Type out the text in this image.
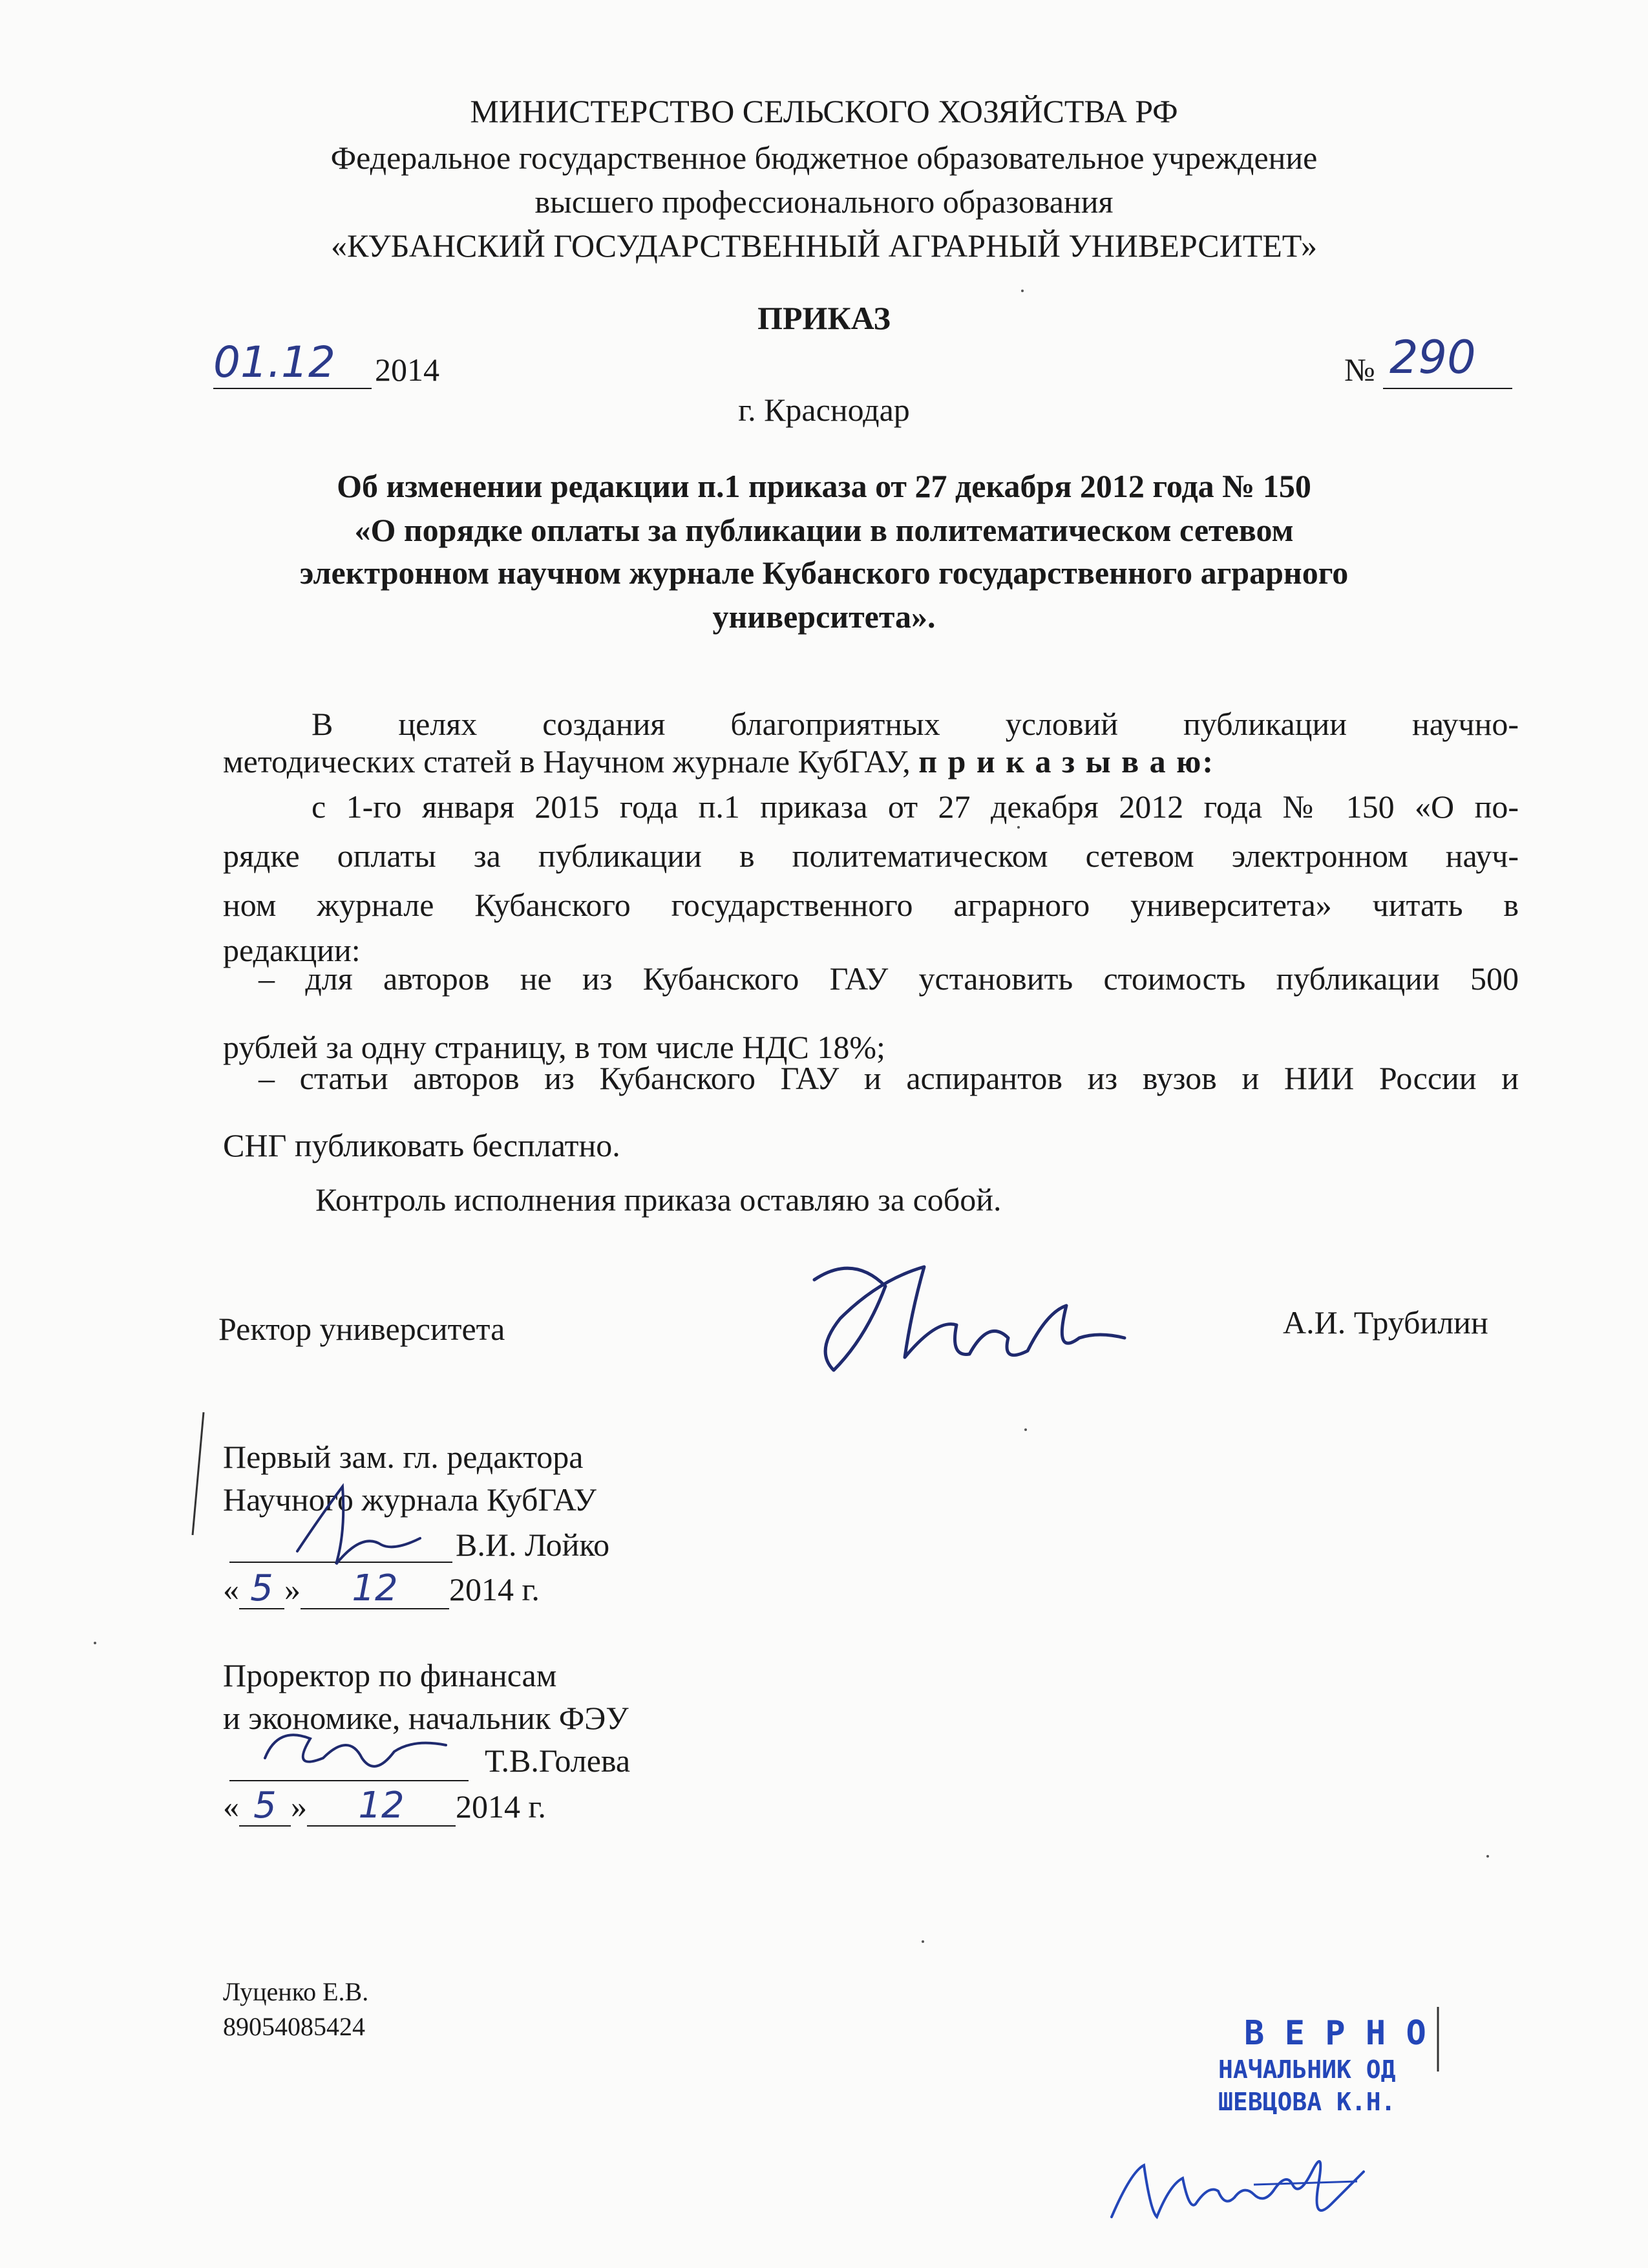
МИНИСТЕРСТВО СЕЛЬСКОГО ХОЗЯЙСТВА РФ
Федеральное государственное бюджетное образовательное учреждение
высшего профессионального образования
«КУБАНСКИЙ ГОСУДАРСТВЕННЫЙ АГРАРНЫЙ УНИВЕРСИТЕТ»
ПРИКАЗ
01.12 2014	№ 290
г. Краснодар
Об изменении редакции п.1 приказа от 27 декабря 2012 года № 150
«О порядке оплаты за публикации в политематическом сетевом
электронном научном журнале Кубанского государственного аграрного
университета».
В целях создания благоприятных условий публикации научно-
методических статей в Научном журнале КубГАУ, п р и к а з ы в а ю:
с 1-го января 2015 года п.1 приказа от 27 декабря 2012 года № 150 «О по-
рядке оплаты за публикации в политематическом сетевом электронном науч-
ном журнале Кубанского государственного аграрного университета» читать в
редакции:
– для авторов не из Кубанского ГАУ установить стоимость публикации 500
рублей за одну страницу, в том числе НДС 18%;
– статьи авторов из Кубанского ГАУ и аспирантов из вузов и НИИ России и
СНГ публиковать бесплатно.
Контроль исполнения приказа оставляю за собой.
Ректор университета	А.И. Трубилин
Первый зам. гл. редактора
Научного журнала КубГАУ
В.И. Лойко
« 5 » 12 2014 г.
Проректор по финансам
и экономике, начальник ФЭУ
Т.В.Голева
« 5 » 12 2014 г.
Луценко Е.В.
89054085424	В Е Р Н О
НАЧАЛЬНИК ОД
ШЕВЦОВА К.Н.
